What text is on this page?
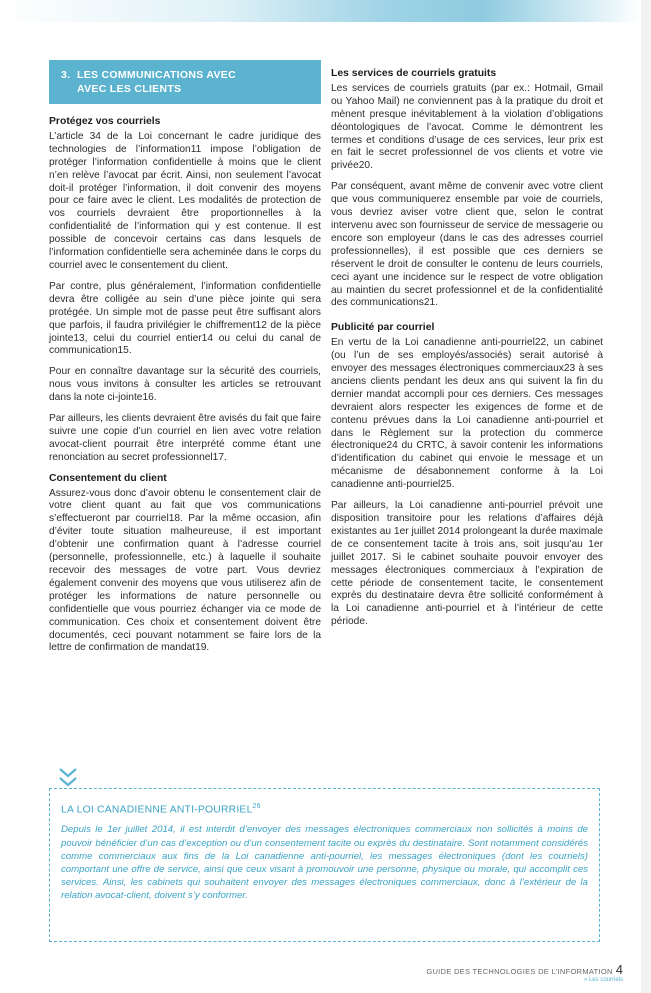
3. LES COMMUNICATIONS AVEC
AVEC LES CLIENTS
Protégez vos courriels

L’article 34 de la Loi concernant le cadre juridique des technologies de l’information11 impose l’obligation de protéger l’information confidentielle à moins que le client n’en relève l’avocat par écrit. Ainsi, non seulement l’avocat doit-il protéger l’information, il doit convenir des moyens pour ce faire avec le client. Les modalités de protection de vos courriels devraient être proportionnelles à la confidentialité de l’information qui y est contenue. Il est possible de concevoir certains cas dans lesquels de l’information confidentielle sera acheminée dans le corps du courriel avec le consentement du client.

Par contre, plus généralement, l’information confidentielle devra être colligée au sein d’une pièce jointe qui sera protégée. Un simple mot de passe peut être suffisant alors que parfois, il faudra privilégier le chiffrement12 de la pièce jointe13, celui du courriel entier14 ou celui du canal de communication15.

Pour en connaître davantage sur la sécurité des courriels, nous vous invitons à consulter les articles se retrouvant dans la note ci-jointe16.

Par ailleurs, les clients devraient être avisés du fait que faire suivre une copie d’un courriel en lien avec votre relation avocat-client pourrait être interprété comme étant une renonciation au secret professionnel17.

Consentement du client

Assurez-vous donc d’avoir obtenu le consentement clair de votre client quant au fait que vos communications s’effectueront par courriel18. Par la même occasion, afin d’éviter toute situation malheureuse, il est important d’obtenir une confirmation quant à l’adresse courriel (personnelle, professionnelle, etc.) à laquelle il souhaite recevoir des messages de votre part. Vous devriez également convenir des moyens que vous utiliserez afin de protéger les informations de nature personnelle ou confidentielle que vous pourriez échanger via ce mode de communication. Ces choix et consentement doivent être documentés, ceci pouvant notamment se faire lors de la lettre de confirmation de mandat19.

Les services de courriels gratuits

Les services de courriels gratuits (par ex.: Hotmail, Gmail ou Yahoo Mail) ne conviennent pas à la pratique du droit et mènent presque inévitablement à la violation d’obligations déontologiques de l’avocat. Comme le démontrent les termes et conditions d’usage de ces services, leur prix est en fait le secret professionnel de vos clients et votre vie privée20.

Par conséquent, avant même de convenir avec votre client que vous communiquerez ensemble par voie de courriels, vous devriez aviser votre client que, selon le contrat intervenu avec son fournisseur de service de messagerie ou encore son employeur (dans le cas des adresses courriel professionnelles), il est possible que ces derniers se réservent le droit de consulter le contenu de leurs courriels, ceci ayant une incidence sur le respect de votre obligation au maintien du secret professionnel et de la confidentialité des communications21.

Publicité par courriel

En vertu de la Loi canadienne anti-pourriel22, un cabinet (ou l’un de ses employés/associés) serait autorisé à envoyer des messages électroniques commerciaux23 à ses anciens clients pendant les deux ans qui suivent la fin du dernier mandat accompli pour ces derniers. Ces messages devraient alors respecter les exigences de forme et de contenu prévues dans la Loi canadienne anti-pourriel et dans le Règlement sur la protection du commerce électronique24 du CRTC, à savoir contenir les informations d’identification du cabinet qui envoie le message et un mécanisme de désabonnement conforme à la Loi canadienne anti-pourriel25.

Par ailleurs, la Loi canadienne anti-pourriel prévoit une disposition transitoire pour les relations d’affaires déjà existantes au 1er juillet 2014 prolongeant la durée maximale de ce consentement tacite à trois ans, soit jusqu’au 1er juillet 2017. Si le cabinet souhaite pouvoir envoyer des messages électroniques commerciaux à l’expiration de cette période de consentement tacite, le consentement exprès du destinataire devra être sollicité conformément à la Loi canadienne anti-pourriel et à l’intérieur de cette période.

LA LOI CANADIENNE ANTI-POURRIEL$^{26}$
Depuis le 1er juillet 2014, il est interdit d’envoyer des messages électroniques commerciaux non sollicités à moins de pouvoir bénéficier d’un cas d’exception ou d’un consentement tacite ou exprès du destinataire. Sont notamment considérés comme commerciaux aux fins de la Loi canadienne anti-pourriel, les messages électroniques (dont les courriels) comportant une offre de service, ainsi que ceux visant à promouvoir une personne, physique ou morale, qui accomplit ces services. Ainsi, les cabinets qui souhaitent envoyer des messages électroniques commerciaux, donc à l’extérieur de la relation avocat-client, doivent s’y conformer.
GUIDE DES TECHNOLOGIES DE L’INFORMATION 4
» Les courriels
